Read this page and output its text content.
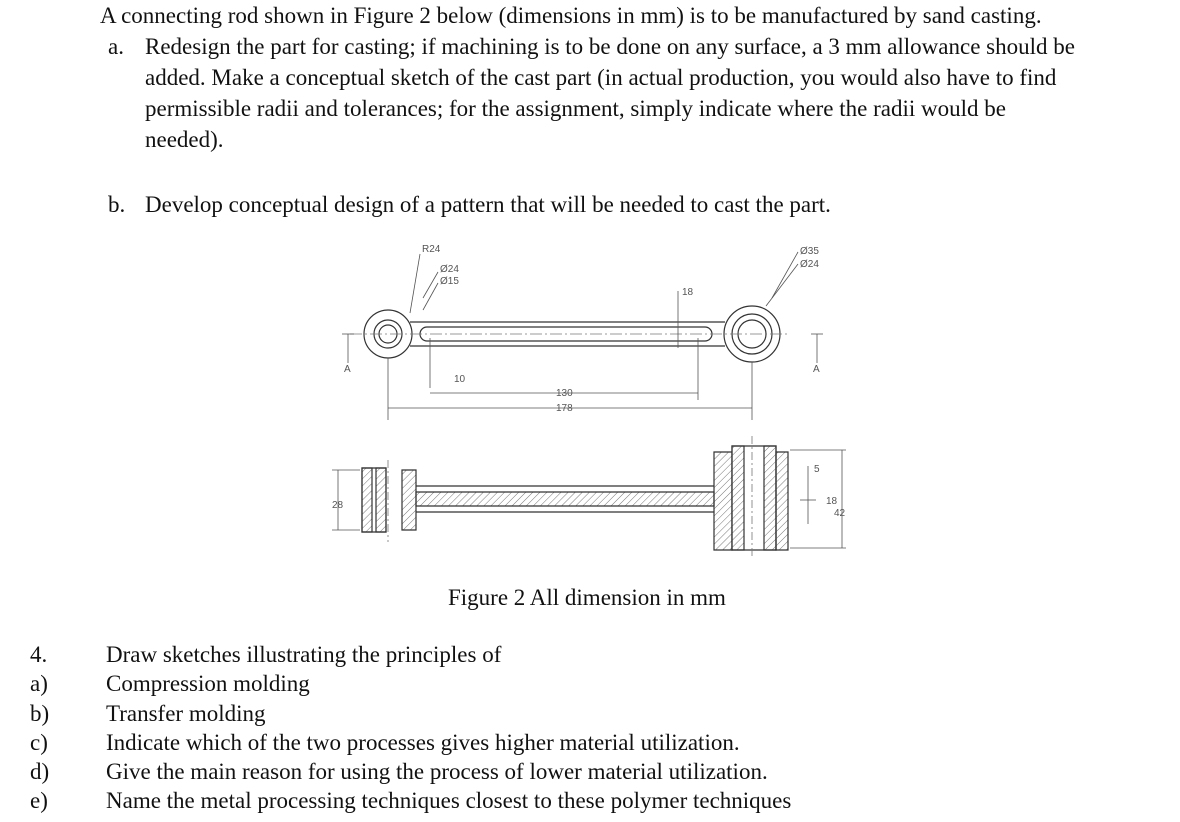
A connecting rod shown in Figure 2 below (dimensions in mm) is to be manufactured by sand casting.
a. Redesign the part for casting; if machining is to be done on any surface, a 3 mm allowance should be
added. Make a conceptual sketch of the cast part (in actual production, you would also have to find
permissible radii and tolerances; for the assignment, simply indicate where the radii would be
needed).
b. Develop conceptual design of a pattern that will be needed to cast the part.
R24
Ø24
Ø15
Ø35
Ø24
18
10
130
178
A	A
28
5
18
42
Figure 2 All dimension in mm
4.	Draw sketches illustrating the principles of
a)	Compression molding
b) Transfer molding
c)	Indicate which of the two processes gives higher material utilization.
d) Give the main reason for using the process of lower material utilization.
e)	Name the metal processing techniques closest to these polymer techniques
